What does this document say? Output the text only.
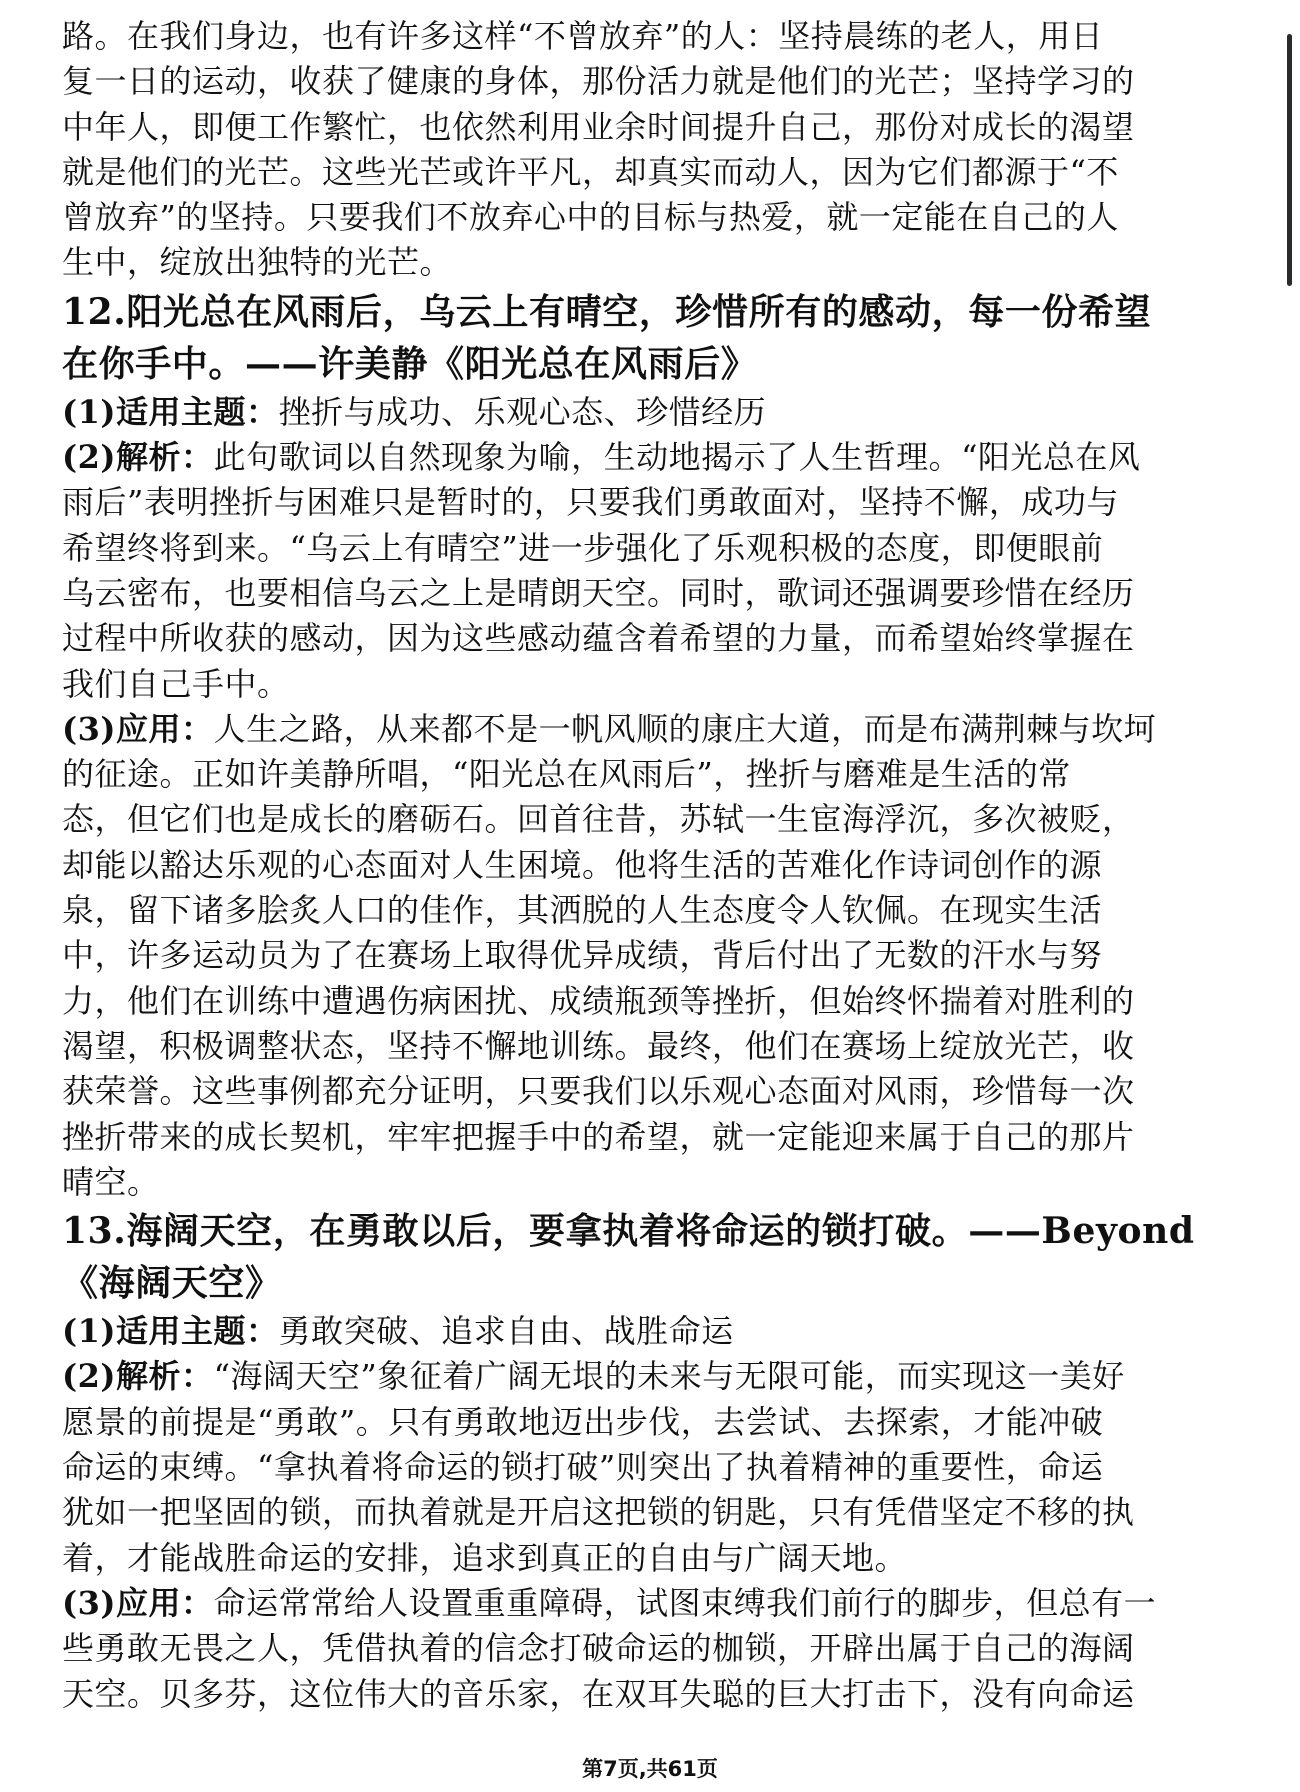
路。在我们身边，也有许多这样“不曾放弃”的人：坚持晨练的老人，用日
复一日的运动，收获了健康的身体，那份活力就是他们的光芒；坚持学习的
中年人，即便工作繁忙，也依然利用业余时间提升自己，那份对成长的渴望
就是他们的光芒。这些光芒或许平凡，却真实而动人，因为它们都源于“不
曾放弃”的坚持。只要我们不放弃心中的目标与热爱，就一定能在自己的人
生中，绽放出独特的光芒。
12.阳光总在风雨后，乌云上有晴空，珍惜所有的感动，每一份希望
在你手中。——许美静《阳光总在风雨后》
(1)适用主题：挫折与成功、乐观心态、珍惜经历
(2)解析：此句歌词以自然现象为喻，生动地揭示了人生哲理。“阳光总在风
雨后”表明挫折与困难只是暂时的，只要我们勇敢面对，坚持不懈，成功与
希望终将到来。“乌云上有晴空”进一步强化了乐观积极的态度，即便眼前
乌云密布，也要相信乌云之上是晴朗天空。同时，歌词还强调要珍惜在经历
过程中所收获的感动，因为这些感动蕴含着希望的力量，而希望始终掌握在
我们自己手中。
(3)应用：人生之路，从来都不是一帆风顺的康庄大道，而是布满荆棘与坎坷
的征途。正如许美静所唱，“阳光总在风雨后”，挫折与磨难是生活的常
态，但它们也是成长的磨砺石。回首往昔，苏轼一生宦海浮沉，多次被贬，
却能以豁达乐观的心态面对人生困境。他将生活的苦难化作诗词创作的源
泉，留下诸多脍炙人口的佳作，其洒脱的人生态度令人钦佩。在现实生活
中，许多运动员为了在赛场上取得优异成绩，背后付出了无数的汗水与努
力，他们在训练中遭遇伤病困扰、成绩瓶颈等挫折，但始终怀揣着对胜利的
渴望，积极调整状态，坚持不懈地训练。最终，他们在赛场上绽放光芒，收
获荣誉。这些事例都充分证明，只要我们以乐观心态面对风雨，珍惜每一次
挫折带来的成长契机，牢牢把握手中的希望，就一定能迎来属于自己的那片
晴空。
13.海阔天空，在勇敢以后，要拿执着将命运的锁打破。——Beyond
《海阔天空》
(1)适用主题：勇敢突破、追求自由、战胜命运
(2)解析：“海阔天空”象征着广阔无垠的未来与无限可能，而实现这一美好
愿景的前提是“勇敢”。只有勇敢地迈出步伐，去尝试、去探索，才能冲破
命运的束缚。“拿执着将命运的锁打破”则突出了执着精神的重要性，命运
犹如一把坚固的锁，而执着就是开启这把锁的钥匙，只有凭借坚定不移的执
着，才能战胜命运的安排，追求到真正的自由与广阔天地。
(3)应用：命运常常给人设置重重障碍，试图束缚我们前行的脚步，但总有一
些勇敢无畏之人，凭借执着的信念打破命运的枷锁，开辟出属于自己的海阔
天空。贝多芬，这位伟大的音乐家，在双耳失聪的巨大打击下，没有向命运
第7页,共61页
